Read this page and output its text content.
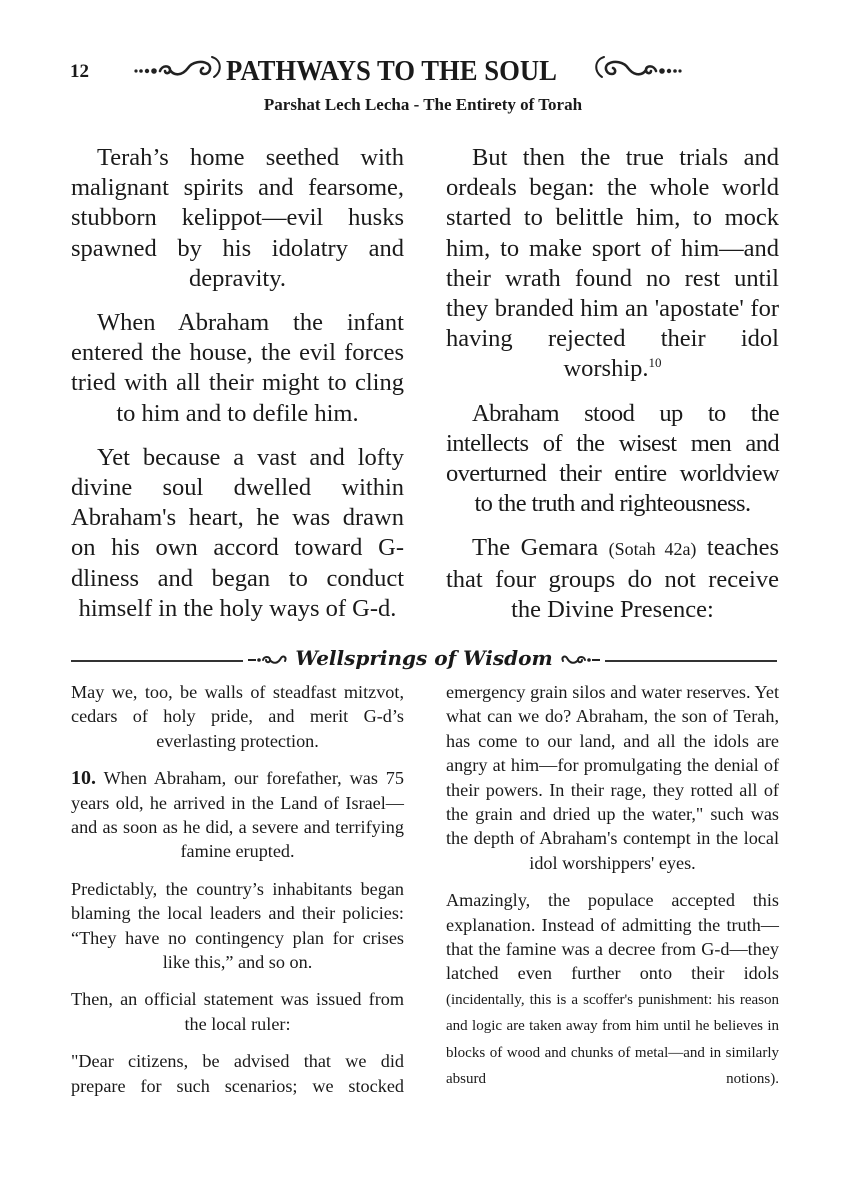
12	PATHWAYS TO THE SOUL
Parshat Lech Lecha - The Entirety of Torah

Terah’s home seethed with malignant spirits and fearsome, stubborn kelippot—evil husks spawned by his idolatry and depravity.

When Abraham the infant entered the house, the evil forces tried with all their might to cling to him and to defile him.

Yet because a vast and lofty divine soul dwelled within Abraham's heart, he was drawn on his own accord toward G-dliness and began to conduct himself in the holy ways of G-d.

But then the true trials and ordeals began: the whole world started to belittle him, to mock him, to make sport of him—and their wrath found no rest until they branded him an 'apostate' for having rejected their idol worship.$^{10}$

Abraham stood up to the intellects of the wisest men and overturned their entire worldview to the truth and righteousness.

The Gemara (Sotah 42a) teaches that four groups do not receive the Divine Presence:

Wellsprings of Wisdom

May we, too, be walls of steadfast mitzvot, cedars of holy pride, and merit G-d’s everlasting protection.

10. When Abraham, our forefather, was 75 years old, he arrived in the Land of Israel—and as soon as he did, a severe and terrifying famine erupted.

Predictably, the country’s inhabitants began blaming the local leaders and their policies: “They have no contingency plan for crises like this,” and so on.

Then, an official statement was issued from the local ruler:

"Dear citizens, be advised that we did prepare for such scenarios; we stocked

emergency grain silos and water reserves. Yet what can we do? Abraham, the son of Terah, has come to our land, and all the idols are angry at him—for promulgating the denial of their powers. In their rage, they rotted all of the grain and dried up the water," such was the depth of Abraham's contempt in the local idol worshippers' eyes.

Amazingly, the populace accepted this explanation. Instead of admitting the truth—that the famine was a decree from G-d—they latched even further onto their idols (incidentally, this is a scoffer's punishment: his reason and logic are taken away from him until he believes in blocks of wood and chunks of metal—and in similarly absurd notions).
